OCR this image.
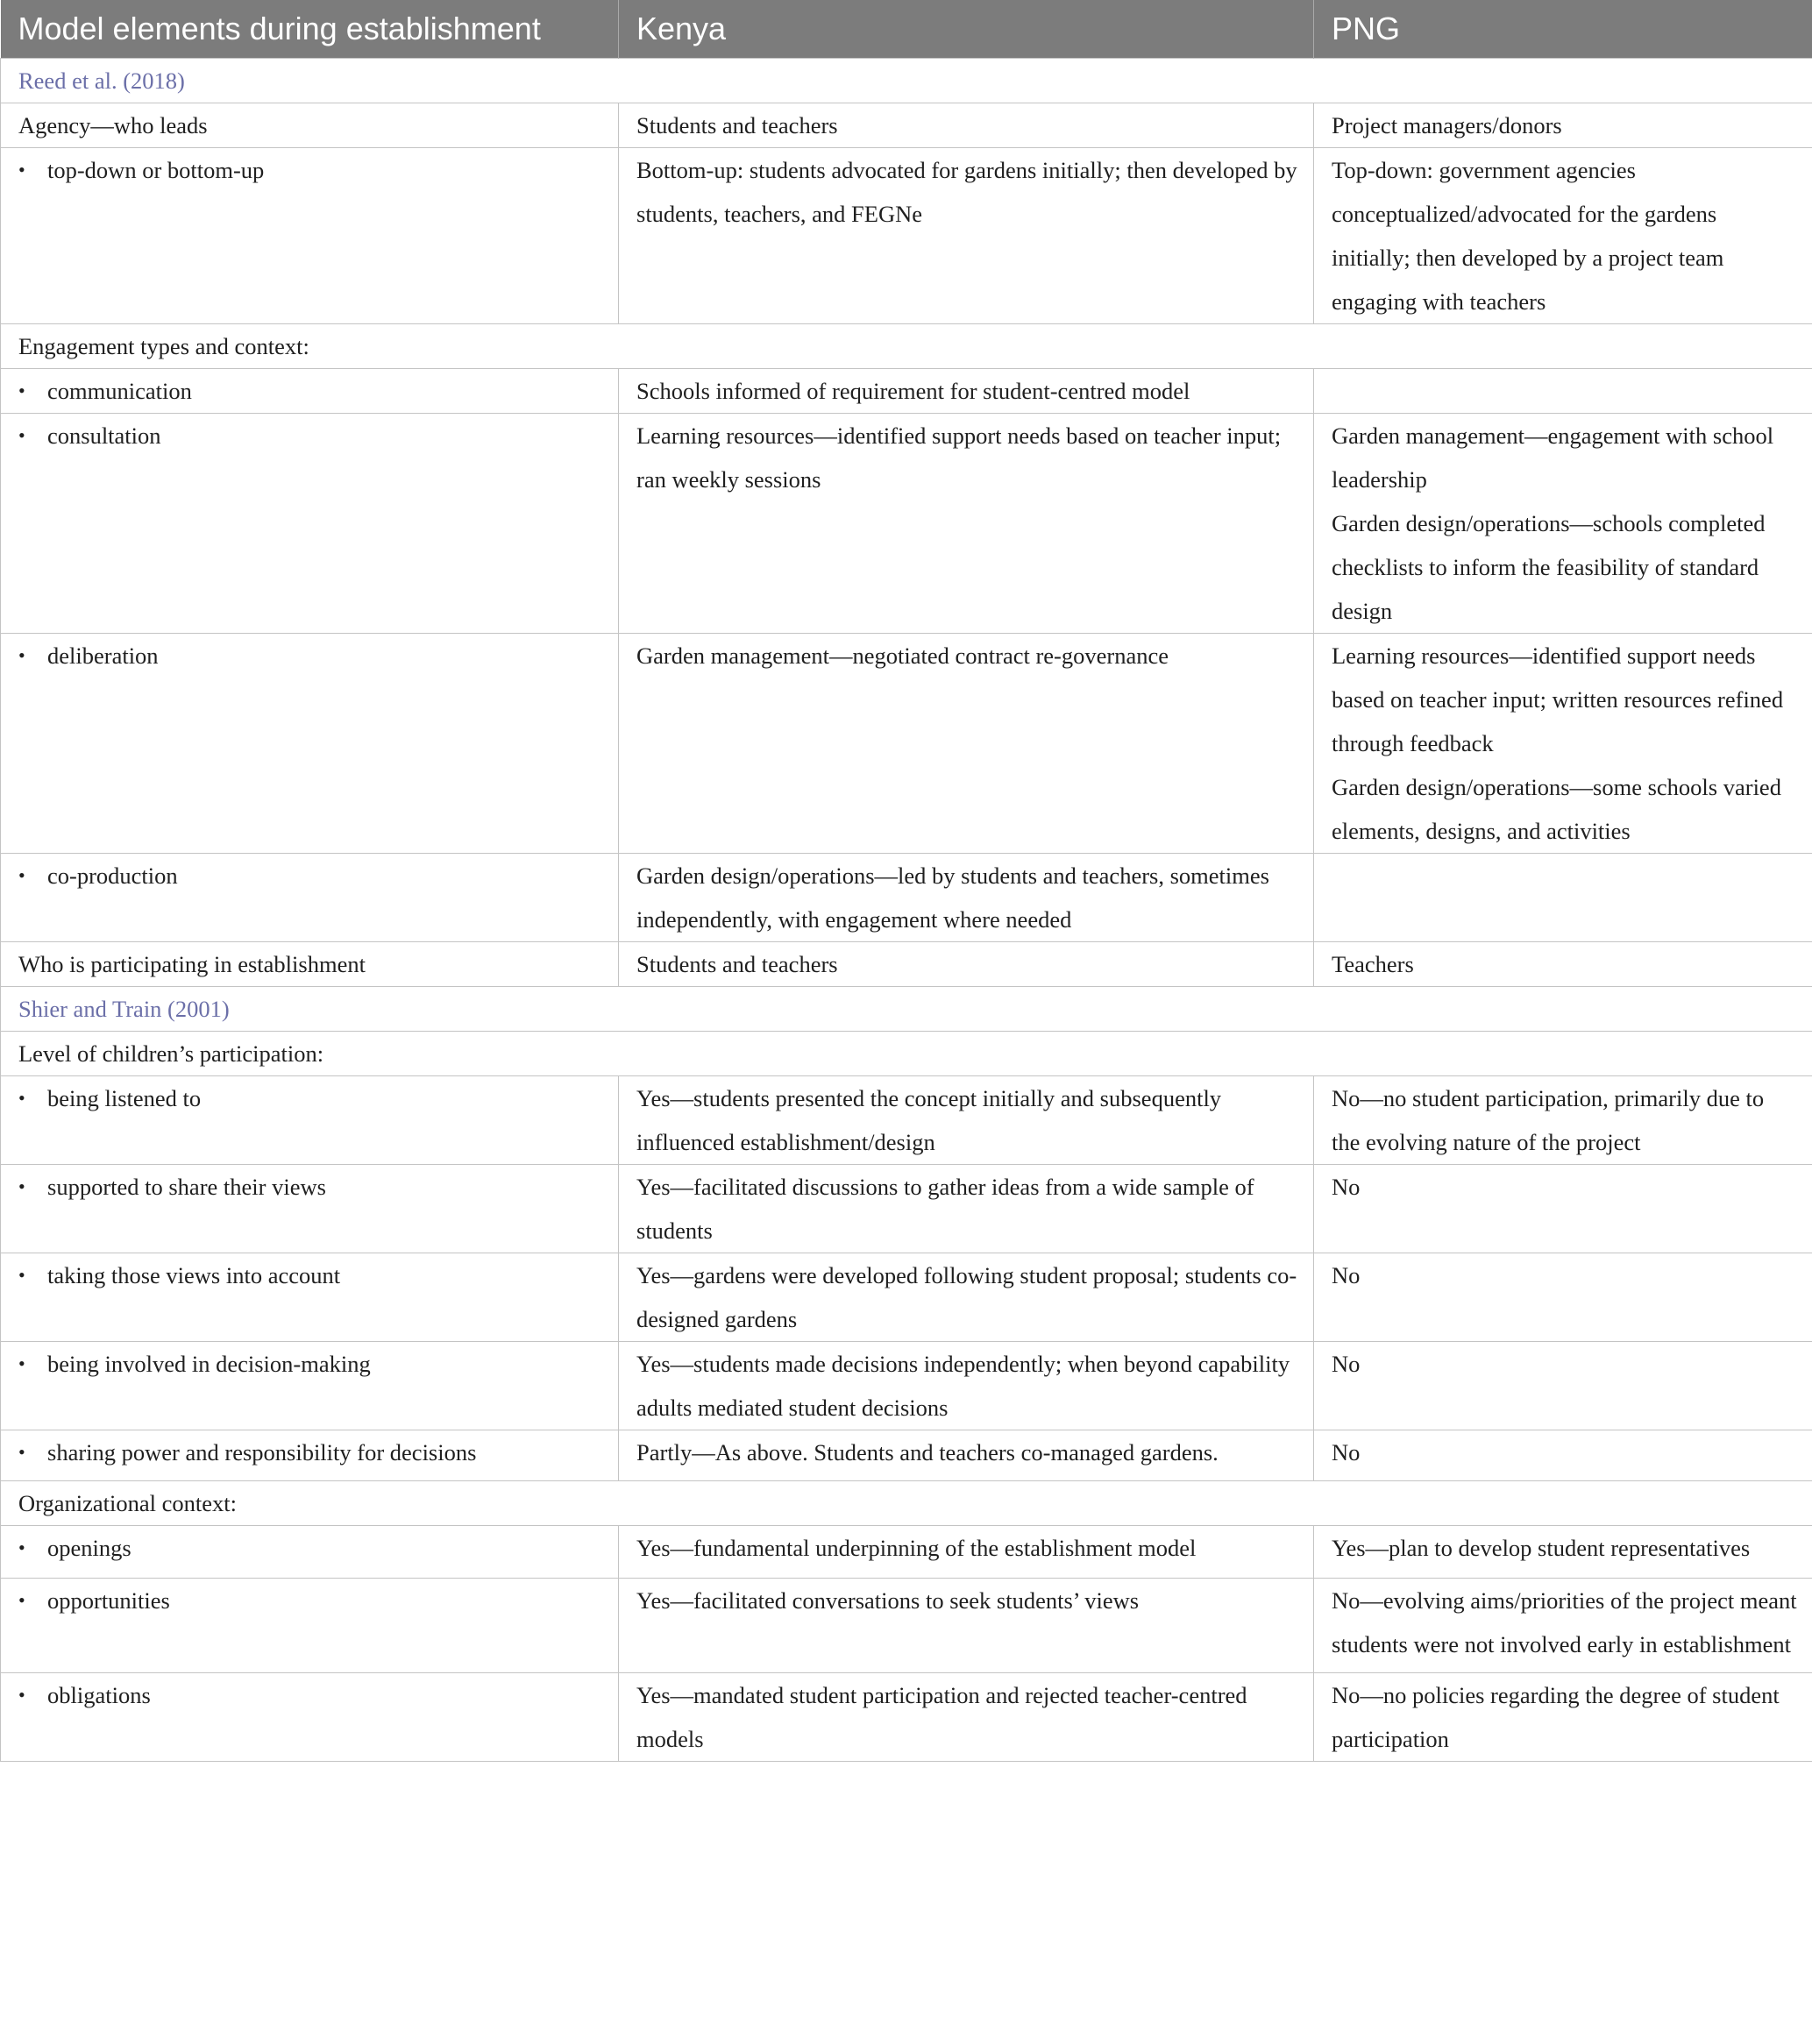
Model elements during establishment	Kenya	PNG
Reed et al. (2018)		
Agency—who leads	Students and teachers	Project managers/donors

• top-down or bottom-up	Bottom-up: students advocated for gardens initially; then developed by students, teachers, and FEGNe	Top-down: government agencies conceptualized/advocated for the gardens initially; then developed by a project team engaging with teachers

Engagement types and context:		
• communication	Schools informed of requirement for student-centred model	

• consultation	Learning resources—identified support needs based on teacher input; ran weekly sessions	Garden management—engagement with school leadership
Garden design/operations—schools completed checklists to inform the feasibility of standard design

• deliberation	Garden management—negotiated contract re-governance	Learning resources—identified support needs based on teacher input; written resources refined through feedback
Garden design/operations—some schools varied elements, designs, and activities

• co-production	Garden design/operations—led by students and teachers, sometimes independently, with engagement where needed	

Who is participating in establishment	Students and teachers	Teachers

Shier and Train (2001)		
Level of children’s participation:		
• being listened to	Yes—students presented the concept initially and subsequently influenced establishment/design	No—no student participation, primarily due to the evolving nature of the project

• supported to share their views	Yes—facilitated discussions to gather ideas from a wide sample of students	No

• taking those views into account	Yes—gardens were developed following student proposal; students co-designed gardens	No

• being involved in decision-making	Yes—students made decisions independently; when beyond capability adults mediated student decisions	No

• sharing power and responsibility for decisions	Partly—As above. Students and teachers co-managed gardens.	No

Organizational context:		
• openings	Yes—fundamental underpinning of the establishment model	Yes—plan to develop student representatives

• opportunities	Yes—facilitated conversations to seek students’ views	No—evolving aims/priorities of the project meant students were not involved early in establishment

• obligations	Yes—mandated student participation and rejected teacher-centred models	No—no policies regarding the degree of student participation
